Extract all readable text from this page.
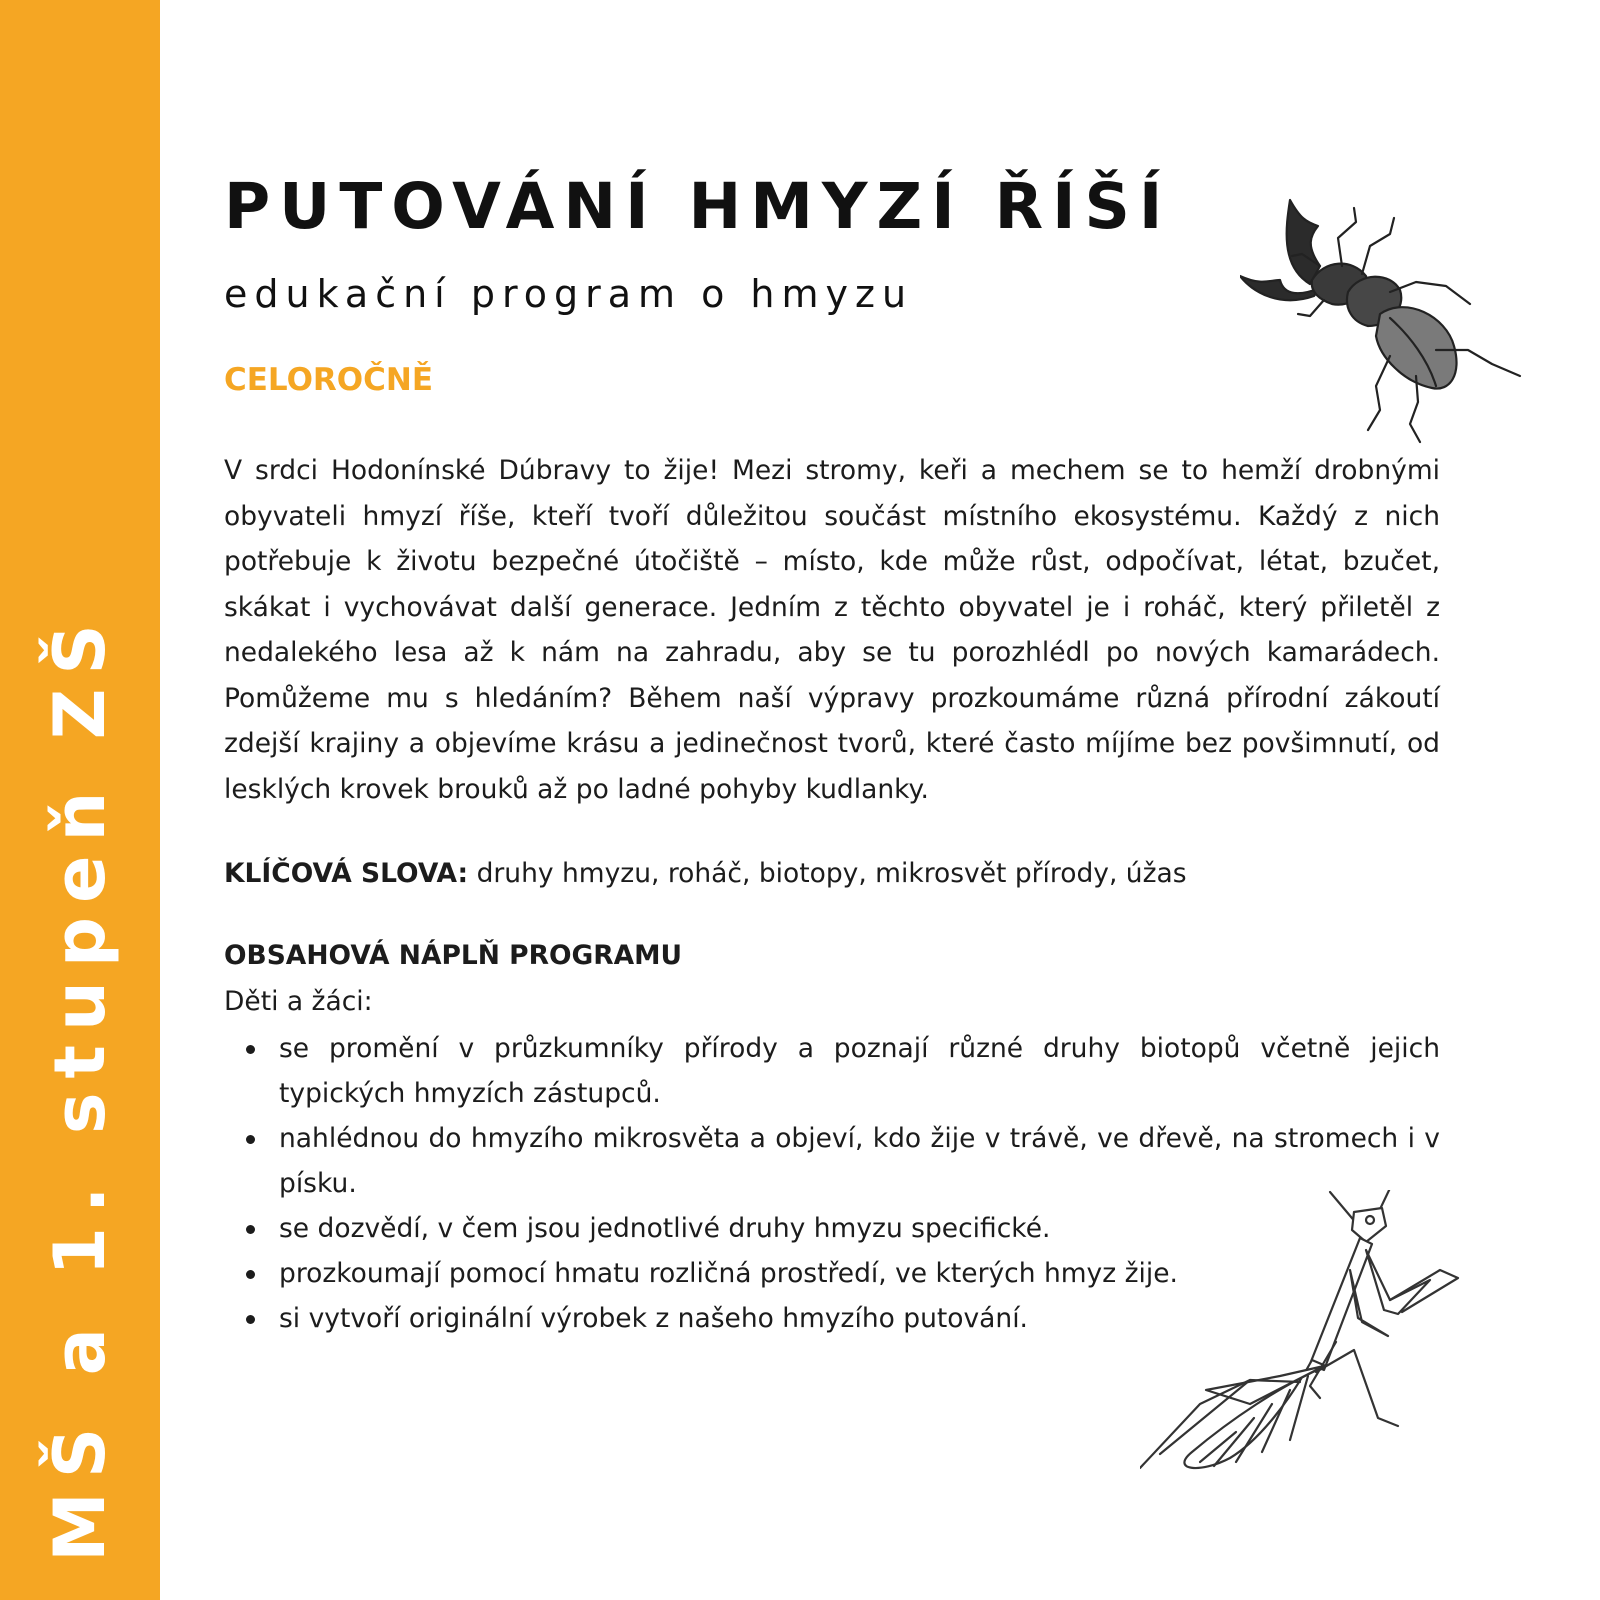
MŠ a 1. stupeň ZŠ
PUTOVÁNÍ HMYZÍ ŘÍŠÍ
edukační program o hmyzu
CELOROČNĚ

V srdci Hodonínské Dúbravy to žije! Mezi stromy, keři a mechem se to hemží drobnými obyvateli hmyzí říše, kteří tvoří důležitou součást místního ekosystému. Každý z nich potřebuje k životu bezpečné útočiště – místo, kde může růst, odpočívat, létat, bzučet, skákat i vychovávat další generace. Jedním z těchto obyvatel je i roháč, který přiletěl z nedalekého lesa až k nám na zahradu, aby se tu porozhlédl po nových kamarádech. Pomůžeme mu s hledáním? Během naší výpravy prozkoumáme různá přírodní zákoutí zdejší krajiny a objevíme krásu a jedinečnost tvorů, které často míjíme bez povšimnutí, od lesklých krovek brouků až po ladné pohyby kudlanky.

KLÍČOVÁ SLOVA: druhy hmyzu, roháč, biotopy, mikrosvět přírody, úžas

OBSAHOVÁ NÁPLŇ PROGRAMU
Děti a žáci:
se promění v průzkumníky přírody a poznají různé druhy biotopů včetně jejich typických hmyzích zástupců.
nahlédnou do hmyzího mikrosvěta a objeví, kdo žije v trávě, ve dřevě, na stromech i v písku.
se dozvědí, v čem jsou jednotlivé druhy hmyzu specifické.
prozkoumají pomocí hmatu rozličná prostředí, ve kterých hmyz žije.
si vytvoří originální výrobek z našeho hmyzího putování.
